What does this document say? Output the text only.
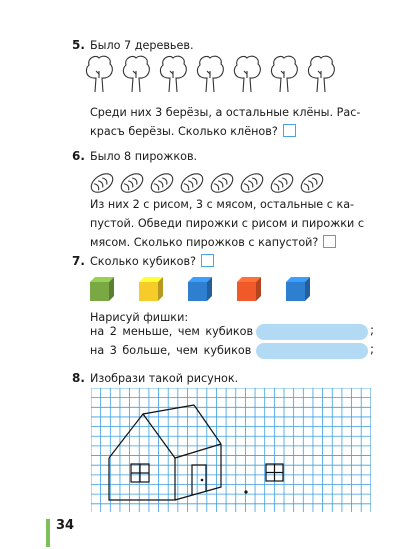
5. Было 7 деревьев.
Среди них 3 берёзы, а остальные клёны. Рас-
красъ берёзы. Сколько клёнов?
6. Было 8 пирожков.
Из них 2 с рисом, 3 с мясом, остальные с ка-
пустой. Обведи пирожки с рисом и пирожки с
мясом. Сколько пирожков с капустой?
7. Сколько кубиков?
Нарисуй фишки:
на 2 меньше, чем кубиков	;
на 3 больше, чем кубиков	;
8. Изобрази такой рисунок.
34
